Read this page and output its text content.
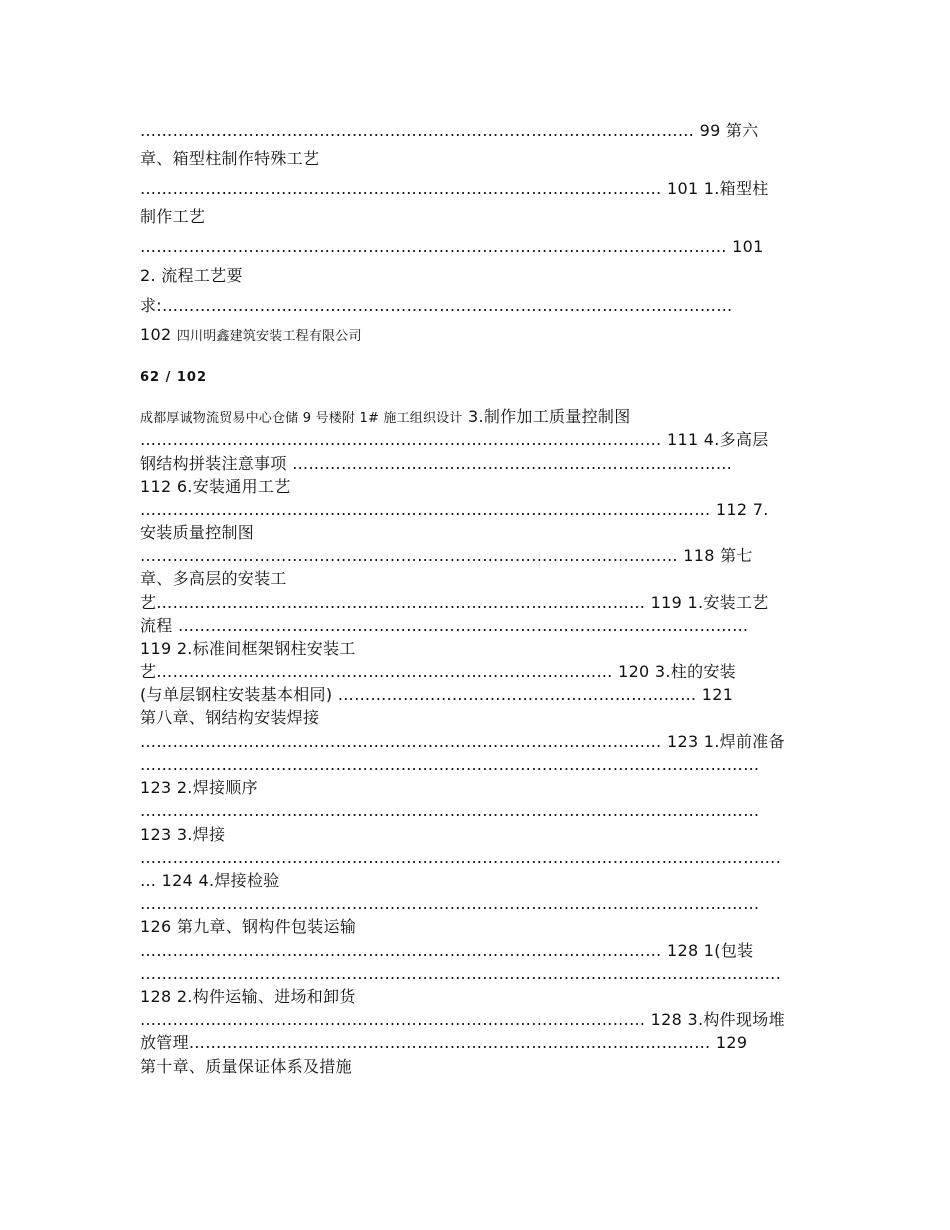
………………………………………………………………………………………… 99 第六
章、箱型柱制作特殊工艺
…………………………………………………………………………………… 101 1.箱型柱
制作工艺
……………………………………………………………………………………………… 101
2. 流程工艺要
求:……………………………………………………………………………………………
102 四川明鑫建筑安装工程有限公司
62 / 102
成都厚诚物流贸易中心仓储 9 号楼附 1# 施工组织设计 3.制作加工质量控制图
…………………………………………………………………………………… 111 4.多高层
钢结构拼装注意事项 ………………………………………………………………………
112 6.安装通用工艺
…………………………………………………………………………………………… 112 7.
安装质量控制图
……………………………………………………………………………………… 118 第七
章、多高层的安装工
艺……………………………………………………………………………… 119 1.安装工艺
流程 ……………………………………………………………………………………………
119 2.标准间框架钢柱安装工
艺………………………………………………………………………… 120 3.柱的安装
(与单层钢柱安装基本相同) ………………………………………………………… 121
第八章、钢结构安装焊接
…………………………………………………………………………………… 123 1.焊前准备
……………………………………………………………………………………………………
123 2.焊接顺序
……………………………………………………………………………………………………
123 3.焊接
……………………………………………………………………………………………………….
… 124 4.焊接检验
……………………………………………………………………………………………………
126 第九章、钢构件包装运输
…………………………………………………………………………………… 128 1(包装
……………………………………………………………………………………………………….
128 2.构件运输、进场和卸货
………………………………………………………………………………… 128 3.构件现场堆
放管理…………………………………………………………………………………… 129
第十章、质量保证体系及措施
